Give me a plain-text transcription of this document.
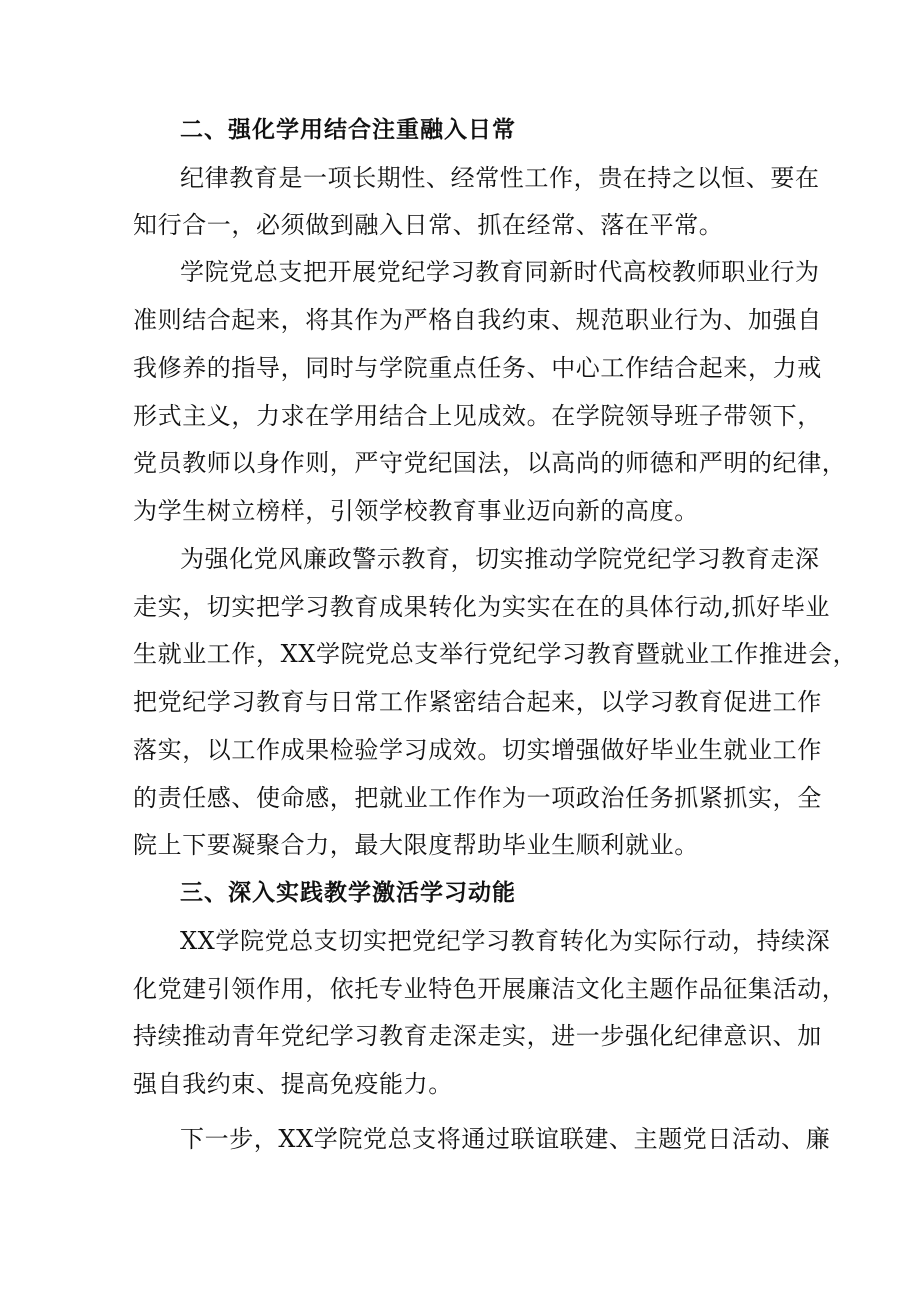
二、强化学用结合注重融入日常

纪律教育是一项长期性、经常性工作，贵在持之以恒、要在

知行合一，必须做到融入日常、抓在经常、落在平常。

学院党总支把开展党纪学习教育同新时代高校教师职业行为

准则结合起来，将其作为严格自我约束、规范职业行为、加强自

我修养的指导，同时与学院重点任务、中心工作结合起来，力戒

形式主义，力求在学用结合上见成效。在学院领导班子带领下，

党员教师以身作则，严守党纪国法，以高尚的师德和严明的纪律，

为学生树立榜样，引领学校教育事业迈向新的高度。

为强化党风廉政警示教育，切实推动学院党纪学习教育走深

走实，切实把学习教育成果转化为实实在在的具体行动,抓好毕业

生就业工作，XX学院党总支举行党纪学习教育暨就业工作推进会，

把党纪学习教育与日常工作紧密结合起来，以学习教育促进工作

落实，以工作成果检验学习成效。切实增强做好毕业生就业工作

的责任感、使命感，把就业工作作为一项政治任务抓紧抓实，全

院上下要凝聚合力，最大限度帮助毕业生顺利就业。

三、深入实践教学激活学习动能

XX学院党总支切实把党纪学习教育转化为实际行动，持续深

化党建引领作用，依托专业特色开展廉洁文化主题作品征集活动，

持续推动青年党纪学习教育走深走实，进一步强化纪律意识、加

强自我约束、提高免疫能力。

下一步，XX学院党总支将通过联谊联建、主题党日活动、廉
